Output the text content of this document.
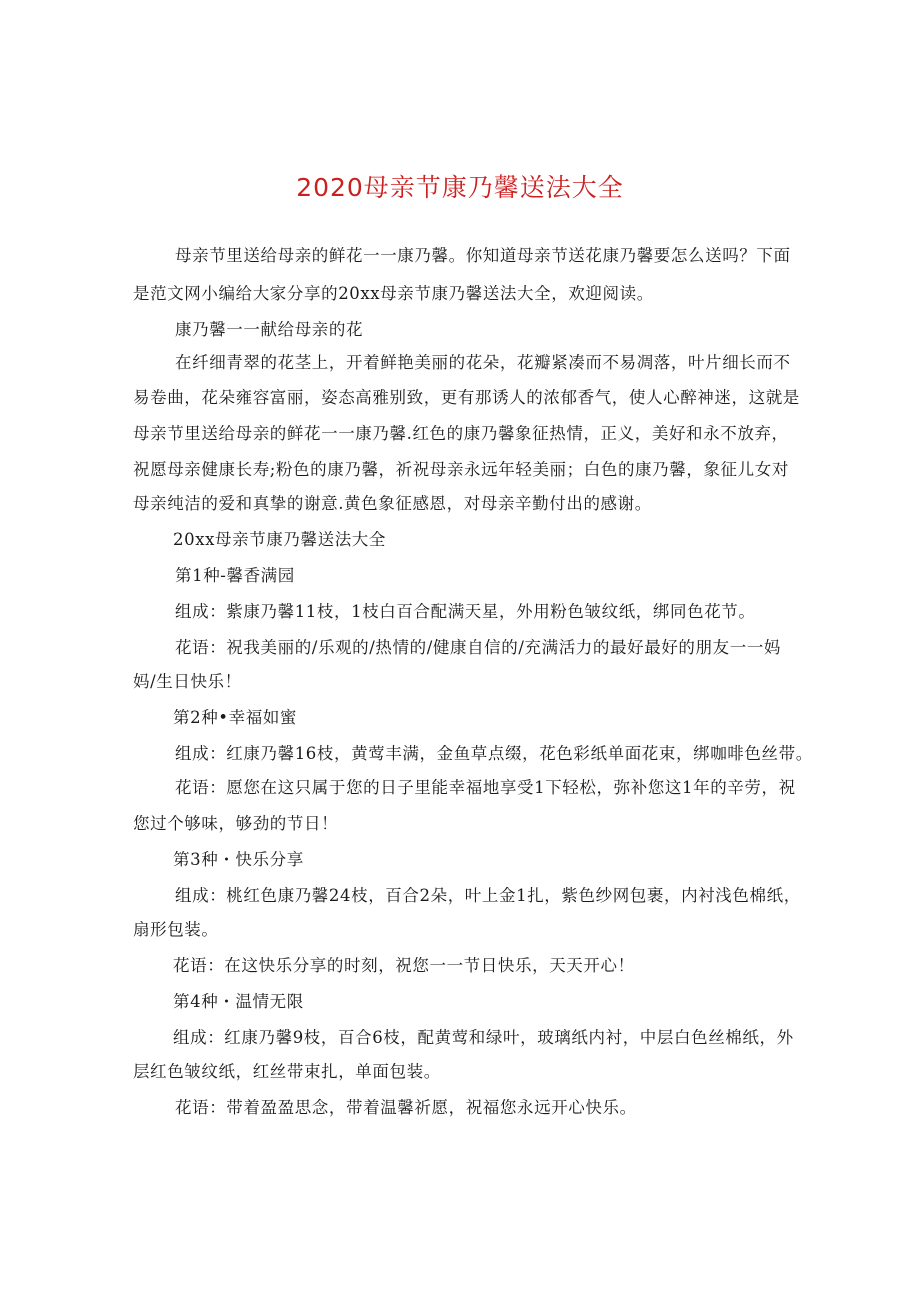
2020母亲节康乃馨送法大全
母亲节里送给母亲的鲜花一一康乃馨。你知道母亲节送花康乃馨要怎么送吗？下面
是范文网小编给大家分享的20xx母亲节康乃馨送法大全，欢迎阅读。
康乃馨一一献给母亲的花
在纤细青翠的花茎上，开着鲜艳美丽的花朵，花瓣紧凑而不易凋落，叶片细长而不
易卷曲，花朵雍容富丽，姿态高雅别致，更有那诱人的浓郁香气，使人心醉神迷，这就是
母亲节里送给母亲的鲜花一一康乃馨.红色的康乃馨象征热情，正义，美好和永不放弃，
祝愿母亲健康长寿;粉色的康乃馨，祈祝母亲永远年轻美丽；白色的康乃馨，象征儿女对
母亲纯洁的爱和真挚的谢意.黄色象征感恩，对母亲辛勤付出的感谢。
20xx母亲节康乃馨送法大全
第1种-馨香满园
组成：紫康乃馨11枝，1枝白百合配满天星，外用粉色皱纹纸，绑同色花节。
花语：祝我美丽的/乐观的/热情的/健康自信的/充满活力的最好最好的朋友一一妈
妈/生日快乐！
第2种•幸福如蜜
组成：红康乃馨16枝，黄莺丰满，金鱼草点缀，花色彩纸单面花束，绑咖啡色丝带。
花语：愿您在这只属于您的日子里能幸福地享受1下轻松，弥补您这1年的辛劳，祝
您过个够味，够劲的节日！
第3种・快乐分享
组成：桃红色康乃馨24枝，百合2朵，叶上金1扎，紫色纱网包裹，内衬浅色棉纸，
扇形包装。
花语：在这快乐分享的时刻，祝您一一节日快乐，天天开心！
第4种・温情无限
组成：红康乃馨9枝，百合6枝，配黄莺和绿叶，玻璃纸内衬，中层白色丝棉纸，外
层红色皱纹纸，红丝带束扎，单面包装。
花语：带着盈盈思念，带着温馨祈愿，祝福您永远开心快乐。
